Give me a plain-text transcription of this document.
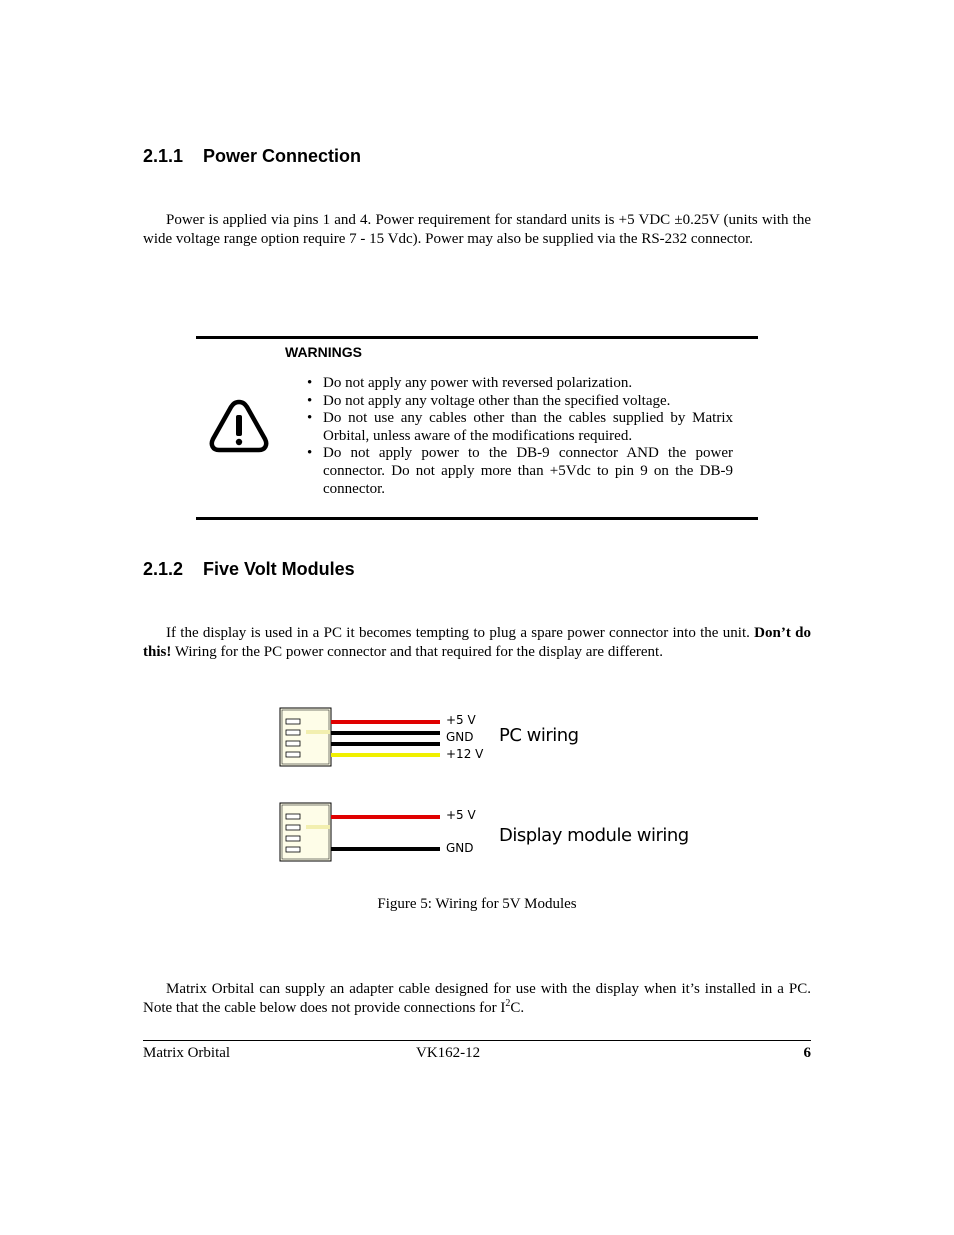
2.1.1 Power Connection
Power is applied via pins 1 and 4. Power requirement for standard units is +5 VDC ±0.25V (units with the wide voltage range option require 7 - 15 Vdc). Power may also be supplied via the RS-232 connector.
WARNINGS
• Do not apply any power with reversed polarization.
• Do not apply any voltage other than the specified voltage.
• Do not use any cables other than the cables supplied by Matrix Orbital, unless aware of the modifications required.
• Do not apply power to the DB-9 connector AND the power connector. Do not apply more than +5Vdc to pin 9 on the DB-9 connector.
2.1.2 Five Volt Modules
If the display is used in a PC it becomes tempting to plug a spare power connector into the unit. Don’t do this! Wiring for the PC power connector and that required for the display are different.
+5 V
GND
+12 V
PC wiring
+5 V
GND
Display module wiring
Figure 5: Wiring for 5V Modules
Matrix Orbital can supply an adapter cable designed for use with the display when it’s installed in a PC. Note that the cable below does not provide connections for $I^2C$.
Matrix Orbital	VK162-12	6
